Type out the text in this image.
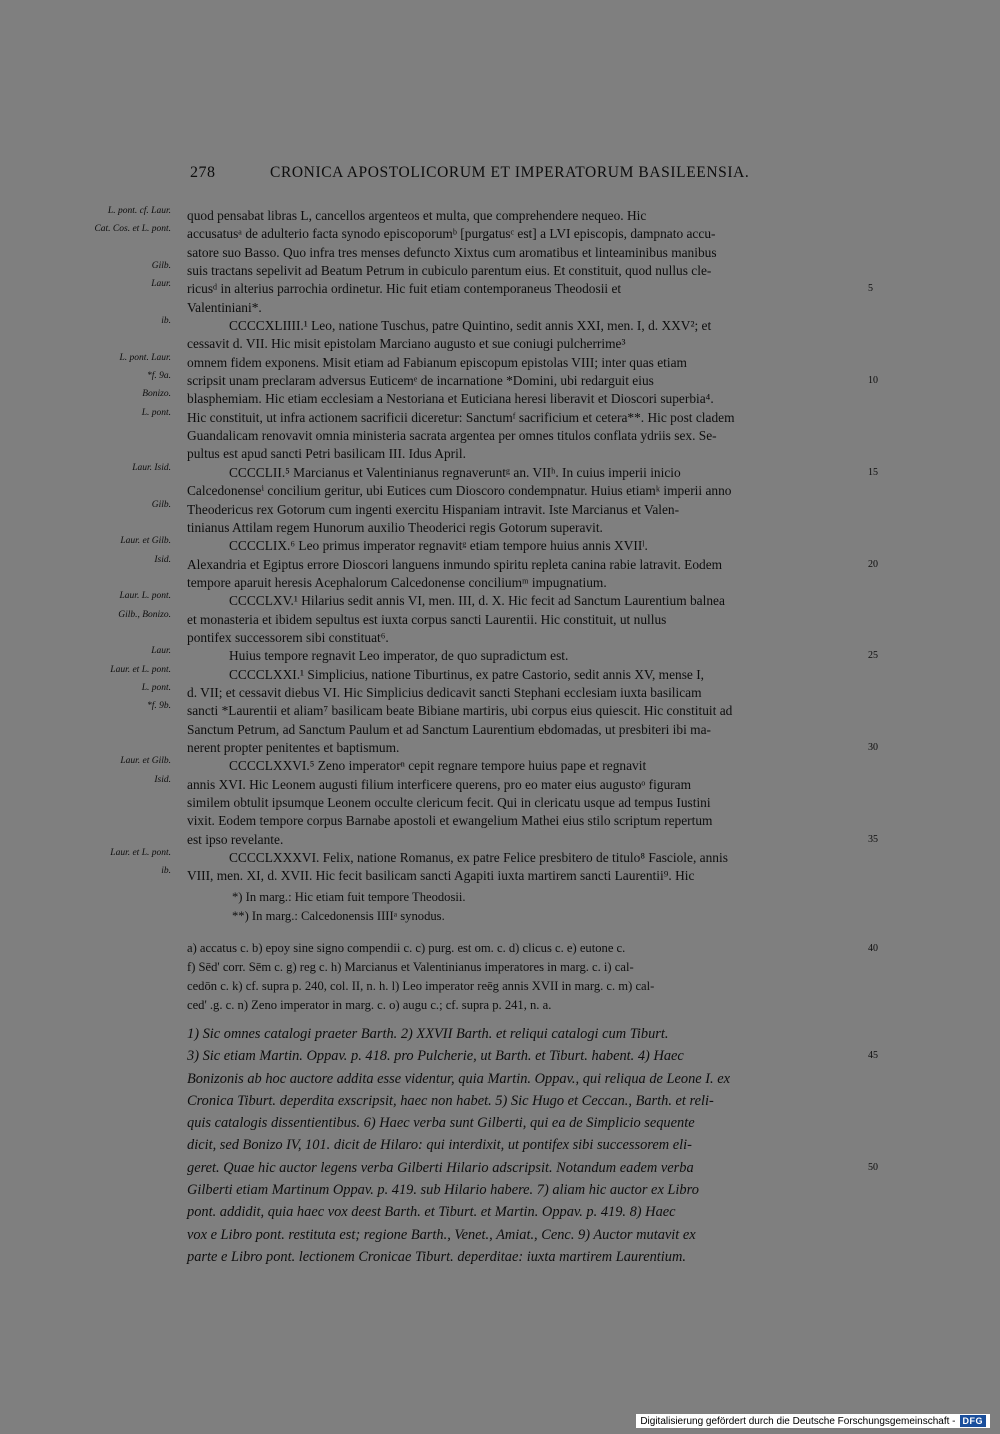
278	CRONICA APOSTOLICORUM ET IMPERATORUM BASILEENSIA.
L. pont. cf. Laur. quod pensabat libras L, cancellos argenteos et multa, que comprehendere nequeo. Hic
Cat. Cos. et L. pont. accusatusᵃ de adulterio facta synodo episcoporumᵇ [purgatusᶜ est] a LVI episcopis, dampnato accu-
satore suo Basso. Quo infra tres menses defuncto Xixtus cum aromatibus et linteaminibus manibus
Gilb. suis tractans sepelivit ad Beatum Petrum in cubiculo parentum eius. Et constituit, quod nullus cle-
Laur. ricusᵈ in alterius parrochia ordinetur. Hic fuit etiam contemporaneus Theodosii et	5
Valentiniani*.
ib.	CCCCXLIIII.¹ Leo, natione Tuschus, patre Quintino, sedit annis XXI, men. I, d. XXV²; et
cessavit d. VII. Hic misit epistolam Marciano augusto et sue coniugi pulcherrime³
L. pont. Laur. omnem fidem exponens. Misit etiam ad Fabianum episcopum epistolas VIII; inter quas etiam
*f. 9a. scripsit unam preclaram adversus Euticemᵉ de incarnatione *Domini, ubi redarguit eius	10
Bonizo. blasphemiam. Hic etiam ecclesiam a Nestoriana et Euticiana heresi liberavit et Dioscori superbia⁴.
L. pont. Hic constituit, ut infra actionem sacrificii diceretur: Sanctumᶠ sacrificium et cetera**. Hic post cladem
Guandalicam renovavit omnia ministeria sacrata argentea per omnes titulos conflata ydriis sex. Se-
pultus est apud sancti Petri basilicam III. Idus April.
Laur. Isid.	CCCCLII.⁵ Marcianus et Valentinianus regnaveruntᵍ an. VIIʰ. In cuius imperii inicio	15
Calcedonenseⁱ concilium geritur, ubi Eutices cum Dioscoro condempnatur. Huius etiamᵏ imperii anno
Gilb. Theodericus rex Gotorum cum ingenti exercitu Hispaniam intravit. Iste Marcianus et Valen-
tinianus Attilam regem Hunorum auxilio Theoderici regis Gotorum superavit.
Laur. et Gilb.	CCCCLIX.⁶ Leo primus imperator regnavitᵍ etiam tempore huius annis XVIIˡ.
Isid. Alexandria et Egiptus errore Dioscori languens inmundo spiritu repleta canina rabie latravit. Eodem	20
tempore aparuit heresis Acephalorum Calcedonense conciliumᵐ impugnatium.
Laur. L. pont.	CCCCLXV.¹ Hilarius sedit annis VI, men. III, d. X. Hic fecit ad Sanctum Laurentium balnea
Gilb., Bonizo. et monasteria et ibidem sepultus est iuxta corpus sancti Laurentii. Hic constituit, ut nullus
pontifex successorem sibi constituat⁶.
Laur.	Huius tempore regnavit Leo imperator, de quo supradictum est.	25
Laur. et L. pont.	CCCCLXXI.¹ Simplicius, natione Tiburtinus, ex patre Castorio, sedit annis XV, mense I,
L. pont. d. VII; et cessavit diebus VI. Hic Simplicius dedicavit sancti Stephani ecclesiam iuxta basilicam
*f. 9b. sancti *Laurentii et aliam⁷ basilicam beate Bibiane martiris, ubi corpus eius quiescit. Hic constituit ad
Sanctum Petrum, ad Sanctum Paulum et ad Sanctum Laurentium ebdomadas, ut presbiteri ibi ma-
nerent propter penitentes et baptismum.	30
Laur. et Gilb.	CCCCLXXVI.⁵ Zeno imperatorⁿ cepit regnare tempore huius pape et regnavit
Isid. annis XVI. Hic Leonem augusti filium interficere querens, pro eo mater eius augustoᵒ figuram
similem obtulit ipsumque Leonem occulte clericum fecit. Qui in clericatu usque ad tempus Iustini
vixit. Eodem tempore corpus Barnabe apostoli et ewangelium Mathei eius stilo scriptum repertum
est ipso revelante.	35
Laur. et L. pont.	CCCCLXXXVI. Felix, natione Romanus, ex patre Felice presbitero de titulo⁸ Fasciole, annis
ib. VIII, men. XI, d. XVII. Hic fecit basilicam sancti Agapiti iuxta martirem sancti Laurentii⁹. Hic
*) In marg.: Hic etiam fuit tempore Theodosii.
**) In marg.: Calcedonensis IIIIᵃ synodus.
a) accatus c. b) epoy sine signo compendii c. c) purg. est om. c. d) clicus c. e) eutone c.	40
f) Sēd' corr. Sēm c. g) reg c. h) Marcianus et Valentinianus imperatores in marg. c. i) cal-
cedōn c. k) cf. supra p. 240, col. II, n. h. l) Leo imperator reēg annis XVII in marg. c. m) cal-
ced' .g. c. n) Zeno imperator in marg. c. o) augu c.; cf. supra p. 241, n. a.
1) Sic omnes catalogi praeter Barth. 2) XXVII Barth. et reliqui catalogi cum Tiburt.
3) Sic etiam Martin. Oppav. p. 418. pro Pulcherie, ut Barth. et Tiburt. habent. 4) Haec	45
Bonizonis ab hoc auctore addita esse videntur, quia Martin. Oppav., qui reliqua de Leone I. ex
Cronica Tiburt. deperdita exscripsit, haec non habet. 5) Sic Hugo et Ceccan., Barth. et reli-
quis catalogis dissentientibus. 6) Haec verba sunt Gilberti, qui ea de Simplicio sequente
dicit, sed Bonizo IV, 101. dicit de Hilaro: qui interdixit, ut pontifex sibi successorem eli-
geret. Quae hic auctor legens verba Gilberti Hilario adscripsit. Notandum eadem verba	50
Gilberti etiam Martinum Oppav. p. 419. sub Hilario habere. 7) aliam hic auctor ex Libro
pont. addidit, quia haec vox deest Barth. et Tiburt. et Martin. Oppav. p. 419. 8) Haec
vox e Libro pont. restituta est; regione Barth., Venet., Amiat., Cenc. 9) Auctor mutavit ex
parte e Libro pont. lectionem Cronicae Tiburt. deperditae: iuxta martirem Laurentium.
Digitalisierung gefördert durch die Deutsche Forschungsgemeinschaft - DFG
